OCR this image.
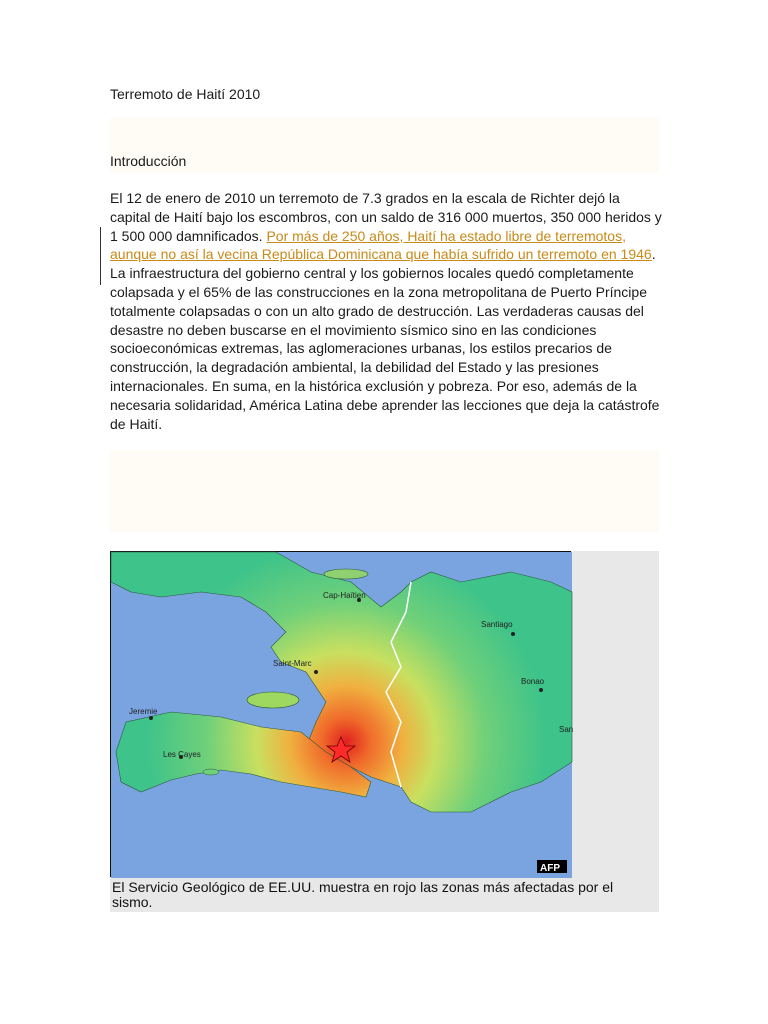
Terremoto de Haití 2010
Introducción

El 12 de enero de 2010 un terremoto de 7.3 grados en la escala de Richter dejó la capital de Haití bajo los escombros, con un saldo de 316 000 muertos, 350 000 heridos y 1 500 000 damnificados. Por más de 250 años, Haití ha estado libre de terremotos, aunque no así la vecina República Dominicana que había sufrido un terremoto en 1946. La infraestructura del gobierno central y los gobiernos locales quedó completamente colapsada y el 65% de las construcciones en la zona metropolitana de Puerto Príncipe totalmente colapsadas o con un alto grado de destrucción. Las verdaderas causas del desastre no deben buscarse en el movimiento sísmico sino en las condiciones socioeconómicas extremas, las aglomeraciones urbanas, los estilos precarios de construcción, la degradación ambiental, la debilidad del Estado y las presiones internacionales. En suma, en la histórica exclusión y pobreza. Por eso, además de la necesaria solidaridad, América Latina debe aprender las lecciones que deja la catástrofe de Haití.

Cap-Haïtien
Santiago
Saint-Marc
Bonao
Jeremie
Les Cayes
San
AFP
El Servicio Geológico de EE.UU. muestra en rojo las zonas más afectadas por el sismo.
